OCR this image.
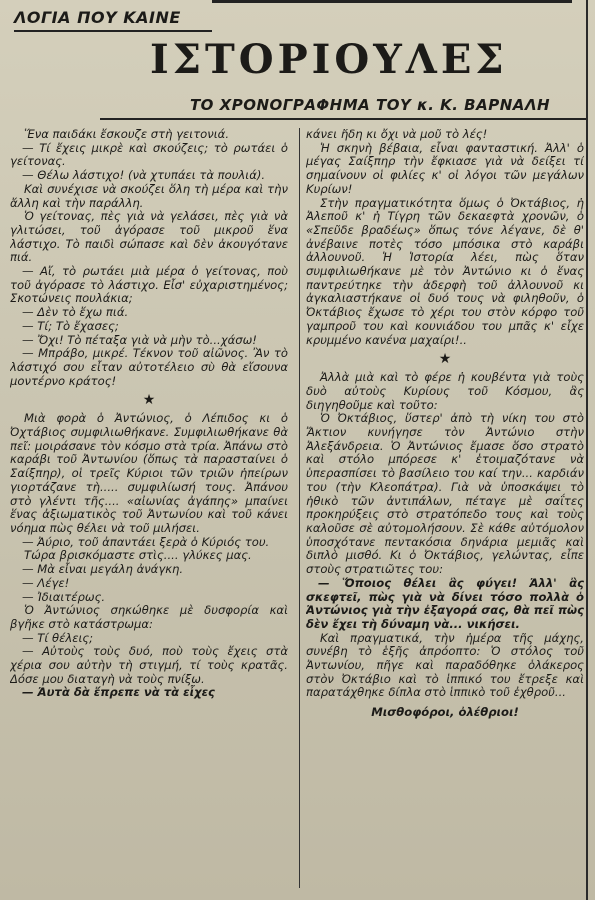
ΛΟΓΙΑ ΠΟΥ ΚΑΙΝΕ
ΙΣΤΟΡΙΟΥΛΕΣ
ΤΟ ΧΡΟΝΟΓΡΑΦΗΜΑ ΤΟΥ κ. Κ. ΒΑΡΝΑΛΗ

Ἕνα παιδάκι ἔσκουζε στὴ γειτονιά.

— Τί ἔχεις μικρὲ καὶ σκούζεις; τὸ ρωτάει ὁ γείτονας.

— Θέλω λάστιχο! (νὰ χτυπάει τὰ πουλιά).

Καὶ συνέχισε νὰ σκούζει ὅλη τὴ μέρα καὶ τὴν ἄλλη καὶ τὴν παράλλη.

Ὁ γείτονας, πὲς γιὰ νὰ γελάσει, πὲς γιὰ νὰ γλιτώσει, τοῦ ἀγόρασε τοῦ μικροῦ ἕνα λάστιχο. Τὸ παιδὶ σώπασε καὶ δὲν ἀκουγότανε πιά.

— Αἴ, τὸ ρωτάει μιὰ μέρα ὁ γείτονας, ποὺ τοῦ ἀγόρασε τὸ λάστιχο. Εἶσ' εὐχαριστημένος; Σκοτώνεις πουλάκια;

— Δὲν τὸ ἔχω πιά.

— Τί; Τὸ ἔχασες;

— Ὄχι! Τὸ πέταξα γιὰ νὰ μὴν τὸ...χάσω!

— Μπράβο, μικρέ. Τέκνον τοῦ αἰῶνος. Ἂν τὸ λάστιχό σου εἶταν αὐτοτέλειο σὺ θὰ εἴσουνα μοντέρνο κράτος!

★

Μιὰ φορὰ ὁ Ἀντώνιος, ὁ Λέπιδος κι ὁ Ὀχτάβιος συμφιλιωθήκανε. Συμφιλιωθήκανε θὰ πεῖ: μοιράσανε τὸν κόσμο στὰ τρία. Ἀπάνω στὸ καράβι τοῦ Ἀντωνίου (ὅπως τὰ παρασταίνει ὁ Σαίξπηρ), οἱ τρεῖς Κύριοι τῶν τριῶν ἠπείρων γιορτάζανε τὴ..... συμφιλίωσή τους. Ἀπάνου στὸ γλέντι τῆς.... «αἰωνίας ἀγάπης» μπαίνει ἕνας ἀξιωματικὸς τοῦ Ἀντωνίου καὶ τοῦ κάνει νόημα πὼς θέλει νὰ τοῦ μιλήσει.

— Ἀύριο, τοῦ ἀπαντάει ξερὰ ὁ Κύριός του.

Τώρα βρισκόμαστε στὶς.... γλύκες μας.

— Μὰ εἶναι μεγάλη ἀνάγκη.

— Λέγε!

— Ἰδιαιτέρως.

Ὁ Ἀντώνιος σηκώθηκε μὲ δυσφορία καὶ βγῆκε στὸ κατάστρωμα:

— Τί θέλεις;

— Αὐτοὺς τοὺς δυό, ποὺ τοὺς ἔχεις στὰ χέρια σου αὐτὴν τὴ στιγμή, τί τοὺς κρατᾶς. Δόσε μου διαταγὴ νὰ τοὺς πνίξω.

— Ἀυτὰ δὰ ἔπρεπε νὰ τὰ εἶχες

κάνει ἤδη κι ὄχι νὰ μοῦ τὸ λές!

Ἡ σκηνὴ βέβαια, εἶναι φανταστική. Ἀλλ' ὁ μέγας Σαίξπηρ τὴν ἔφκιασε γιὰ νὰ δείξει τί σημαίνουν οἱ φιλίες κ' οἱ λόγοι τῶν μεγάλων Κυρίων!

Στὴν πραγματικότητα ὅμως ὁ Ὀκτάβιος, ἡ Ἀλεποῦ κ' ἡ Τίγρη τῶν δεκαεφτὰ χρονῶν, ὁ «Σπεῦδε βραδέως» ὅπως τόνε λέγανε, δὲ θ' ἀνέβαινε ποτὲς τόσο μπόσικα στὸ καράβι ἀλλουνοῦ. Ἡ Ἱστορία λέει, πὼς ὅταν συμφιλιωθήκανε μὲ τὸν Ἀντώνιο κι ὁ ἕνας παντρεύτηκε τὴν ἀδερφὴ τοῦ ἀλλουνοῦ κι ἀγκαλιαστήκανε οἱ δυό τους νὰ φιληθοῦν, ὁ Ὀκτάβιος ἔχωσε τὸ χέρι του στὸν κόρφο τοῦ γαμπροῦ του καὶ κουνιάδου του μπᾶς κ' εἶχε κρυμμένο κανένα μαχαίρι!..

★

Ἀλλὰ μιὰ καὶ τὸ φέρε ἡ κουβέντα γιὰ τοὺς δυὸ αὐτοὺς Κυρίους τοῦ Κόσμου, ἂς διηγηθοῦμε καὶ τοῦτο:

Ὁ Ὀκτάβιος, ὕστερ' ἀπὸ τὴ νίκη του στὸ Ἄκτιον κυνήγησε τὸν Ἀντώνιο στὴν Ἀλεξάνδρεια. Ὁ Ἀντώνιος ἔμασε ὅσο στρατὸ καὶ στόλο μπόρεσε κ' ἑτοιμαζότανε νὰ ὑπερασπίσει τὸ βασίλειο του καί την... καρδιάν του (τὴν Κλεοπάτρα). Γιὰ νὰ ὑποσκάψει τὸ ἠθικὸ τῶν ἀντιπάλων, πέταγε μὲ σαΐτες προκηρύξεις στὸ στρατόπεδο τους καὶ τοὺς καλοῦσε σὲ αὐτομολήσουν. Σὲ κάθε αὐτόμολον ὑποσχότανε πεντακόσια δηνάρια μεμιᾶς καὶ διπλὸ μισθό. Κι ὁ Ὀκτάβιος, γελώντας, εἶπε στοὺς στρατιῶτες του:

— Ὅποιος θέλει ἂς φύγει! Ἀλλ' ἂς σκεφτεῖ, πὼς γιὰ νὰ δίνει τόσο πολλὰ ὁ Ἀντώνιος γιὰ τὴν ἐξαγορά σας, θὰ πεῖ πὼς δὲν ἔχει τὴ δύναμη νὰ... νικήσει.

Καὶ πραγματικά, τὴν ἡμέρα τῆς μάχης, συνέβη τὸ ἑξῆς ἀπρόοπτο: Ὁ στόλος τοῦ Ἀντωνίου, πῆγε καὶ παραδόθηκε ὁλάκερος στὸν Ὀκτάβιο καὶ τὸ ἱππικό του ἔτρεξε καὶ παρατάχθηκε δίπλα στὸ ἱππικὸ τοῦ ἐχθροῦ...

Μισθοφόροι, ὀλέθριοι!
